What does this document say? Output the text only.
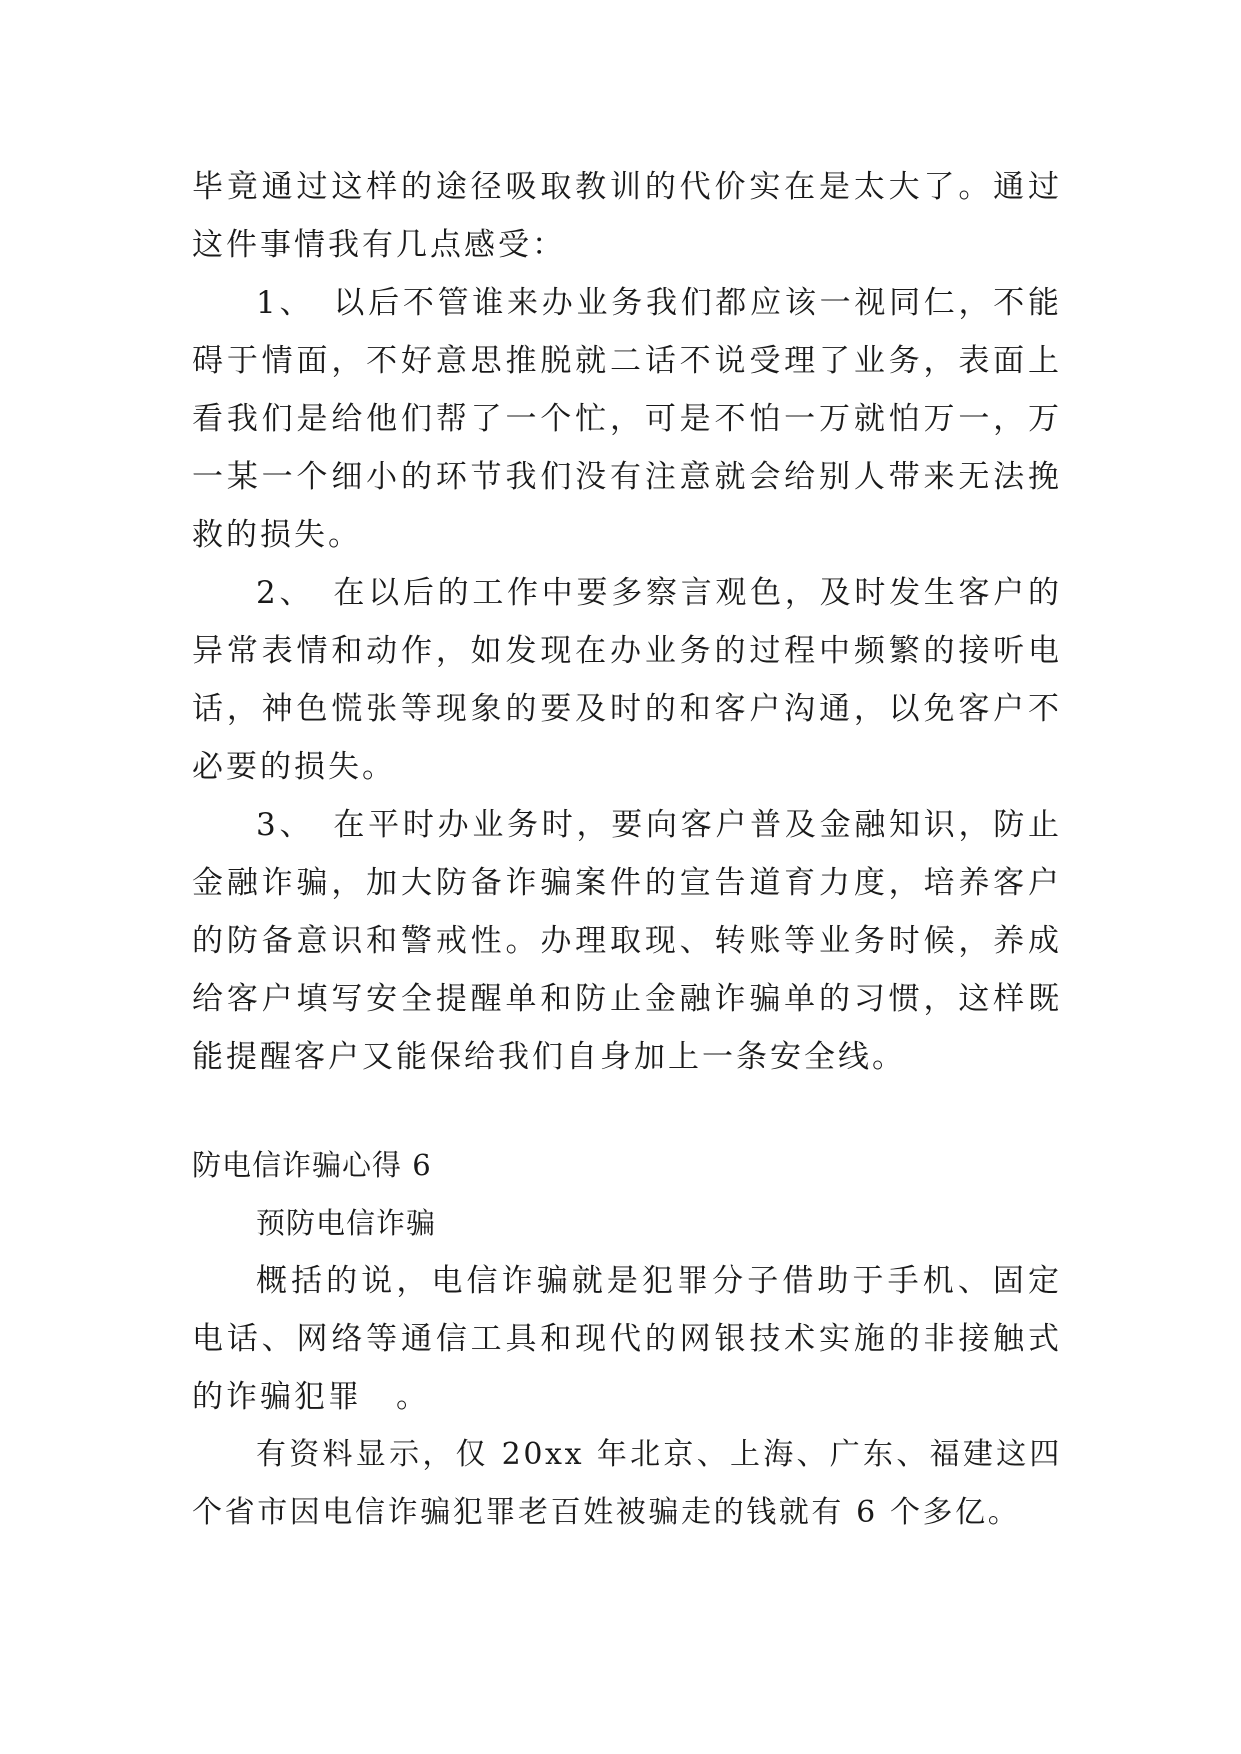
毕竟通过这样的途径吸取教训的代价实在是太大了。通过这件事情我有几点感受：

1、　以后不管谁来办业务我们都应该一视同仁，不能碍于情面，不好意思推脱就二话不说受理了业务，表面上看我们是给他们帮了一个忙，可是不怕一万就怕万一，万一某一个细小的环节我们没有注意就会给别人带来无法挽救的损失。

2、　在以后的工作中要多察言观色，及时发生客户的异常表情和动作，如发现在办业务的过程中频繁的接听电话，神色慌张等现象的要及时的和客户沟通，以免客户不必要的损失。

3、　在平时办业务时，要向客户普及金融知识，防止金融诈骗，加大防备诈骗案件的宣告道育力度，培养客户的防备意识和警戒性。办理取现、转账等业务时候，养成给客户填写安全提醒单和防止金融诈骗单的习惯，这样既能提醒客户又能保给我们自身加上一条安全线。

防电信诈骗心得 6

预防电信诈骗

概括的说，电信诈骗就是犯罪分子借助于手机、固定电话、网络等通信工具和现代的网银技术实施的非接触式的诈骗犯罪　。

有资料显示，仅 20xx 年北京、上海、广东、福建这四个省市因电信诈骗犯罪老百姓被骗走的钱就有 6 个多亿。
